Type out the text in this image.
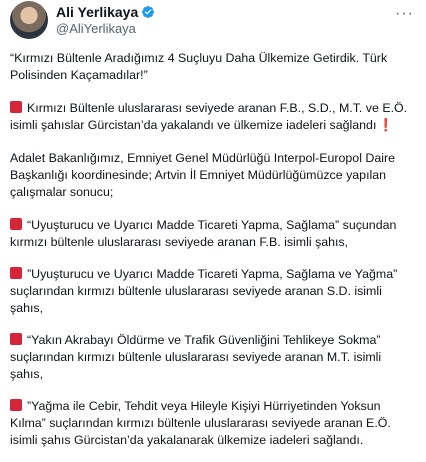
Ali Yerlikaya
@AliYerlikaya
···

“Kırmızı Bültenle Aradığımız 4 Suçluyu Daha Ülkemize Getirdik. Türk Polisinden Kaçamadılar!”

Kırmızı Bültenle uluslararası seviyede aranan F.B., S.D., M.T. ve E.Ö. isimli şahıslar Gürcistan’da yakalandı ve ülkemize iadeleri sağlandı ❗

Adalet Bakanlığımız, Emniyet Genel Müdürlüğü Interpol-Europol Daire Başkanlığı koordinesinde; Artvin İl Emniyet Müdürlüğümüzce yapılan çalışmalar sonucu;

“Uyuşturucu ve Uyarıcı Madde Ticareti Yapma, Sağlama” suçundan kırmızı bültenle uluslararası seviyede aranan F.B. isimli şahıs,

”Uyuşturucu ve Uyarıcı Madde Ticareti Yapma, Sağlama ve Yağma” suçlarından kırmızı bültenle uluslararası seviyede aranan S.D. isimli şahıs,

“Yakın Akrabayı Öldürme ve Trafik Güvenliğini Tehlikeye Sokma” suçlarından kırmızı bültenle uluslararası seviyede aranan M.T. isimli şahıs,

”Yağma ile Cebir, Tehdit veya Hileyle Kişiyi Hürriyetinden Yoksun Kılma” suçlarından kırmızı bültenle uluslararası seviyede aranan E.Ö. isimli şahıs Gürcistan’da yakalanarak ülkemize iadeleri sağlandı.
